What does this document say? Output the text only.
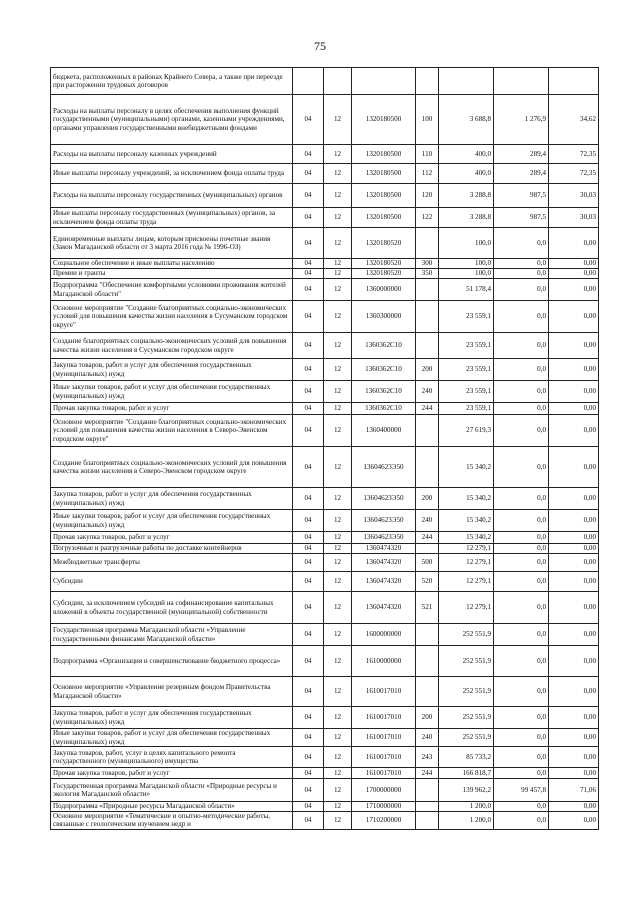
75
бюджета, расположенных в районах Крайнего Севера, а также при переезде при расторжении трудовых договоров							
Расходы на выплаты персоналу в целях обеспечения выполнения функций государственными (муниципальными) органами, казенными учреждениями, органами управления государственными внебюджетными фондами	04	12	1320180500	100	3 688,8	1 276,9	34,62
Расходы на выплаты персоналу казенных учреждений	04	12	1320180500	110	400,0	289,4	72,35
Иные выплаты персоналу учреждений, за исключением фонда оплаты труда	04	12	1320180500	112	400,0	289,4	72,35
Расходы на выплаты персоналу государственных (муниципальных) органов	04	12	1320180500	120	3 288,8	987,5	30,03
Иные выплаты персоналу государственных (муниципальных) органов, за исключением фонда оплаты труда	04	12	1320180500	122	3 288,8	987,5	30,03
Единовременные выплаты лицам, которым присвоены почетные звания (Закон Магаданской области от 3 марта 2016 года № 1996-ОЗ)	04	12	1320180520		100,0	0,0	0,00
Социальное обеспечение и иные выплаты населению	04	12	1320180520	300	100,0	0,0	0,00
Премии и гранты	04	12	1320180520	350	100,0	0,0	0,00
Подпрограмма "Обеспечение комфортными условиями проживания жителей Магаданской области"	04	12	1360000000		51 178,4	0,0	0,00
Основное мероприятие "Создание благоприятных социально-экономических условий для повышения качества жизни населения в Сусуманском городском округе"	04	12	1360300000		23 559,1	0,0	0,00
Создание благоприятных социально-экономических условий для повышения качества жизни населения в Сусуманском городском округе	04	12	1360362С10		23 559,1	0,0	0,00
Закупка товаров, работ и услуг для обеспечения государственных (муниципальных) нужд	04	12	1360362С10	200	23 559,1	0,0	0,00
Иные закупки товаров, работ и услуг для обеспечения государственных (муниципальных) нужд	04	12	1360362С10	240	23 559,1	0,0	0,00
Прочая закупка товаров, работ и услуг	04	12	1360362С10	244	23 559,1	0,0	0,00
Основное мероприятие "Создание благоприятных социально-экономических условий для повышения качества жизни населения в Северо-Эвенском городском округе"	04	12	1360400000		27 619,3	0,0	0,00
Создание благоприятных социально-экономических условий для повышения качества жизни населения в Северо-Эвенском городском округе	04	12	13604623Э50		15 340,2	0,0	0,00
Закупка товаров, работ и услуг для обеспечения государственных (муниципальных) нужд	04	12	13604623Э50	200	15 340,2	0,0	0,00
Иные закупки товаров, работ и услуг для обеспечения государственных (муниципальных) нужд	04	12	13604623Э50	240	15 340,2	0,0	0,00
Прочая закупка товаров, работ и услуг	04	12	13604623Э50	244	15 340,2	0,0	0,00
Погрузочные и разгрузочные работы по доставке контейнеров	04	12	1360474320		12 279,1	0,0	0,00
Межбюджетные трансферты	04	12	1360474320	500	12 279,1	0,0	0,00
Субсидии	04	12	1360474320	520	12 279,1	0,0	0,00
Субсидии, за исключением субсидий на софинансирование капитальных вложений в объекты государственной (муниципальной) собственности	04	12	1360474320	521	12 279,1	0,0	0,00
Государственная программа Магаданской области «Управление государственными финансами Магаданской области»	04	12	1600000000		252 551,9	0,0	0,00
Подпрограмма «Организация и совершенствование бюджетного процесса»	04	12	1610000000		252 551,9	0,0	0,00
Основное мероприятие «Управление резервным фондом Правительства Магаданской области»	04	12	1610017010		252 551,9	0,0	0,00
Закупка товаров, работ и услуг для обеспечения государственных (муниципальных) нужд	04	12	1610017010	200	252 551,9	0,0	0,00
Иные закупки товаров, работ и услуг для обеспечения государственных (муниципальных) нужд	04	12	1610017010	240	252 551,9	0,0	0,00
Закупка товаров, работ, услуг в целях капитального ремонта государственного (муниципального) имущества	04	12	1610017010	243	85 733,2	0,0	0,00
Прочая закупка товаров, работ и услуг	04	12	1610017010	244	166 818,7	0,0	0,00
Государственная программа Магаданской области «Природные ресурсы и экология Магаданской области»	04	12	1700000000		139 962,2	99 457,8	71,06
Подпрограмма «Природные ресурсы Магаданской области»	04	12	1710000000		1 200,0	0,0	0,00
Основное мероприятие «Тематические и опытно-методические работы, связанные с геологическим изучением недр и	04	12	1710200000		1 200,0	0,0	0,00
